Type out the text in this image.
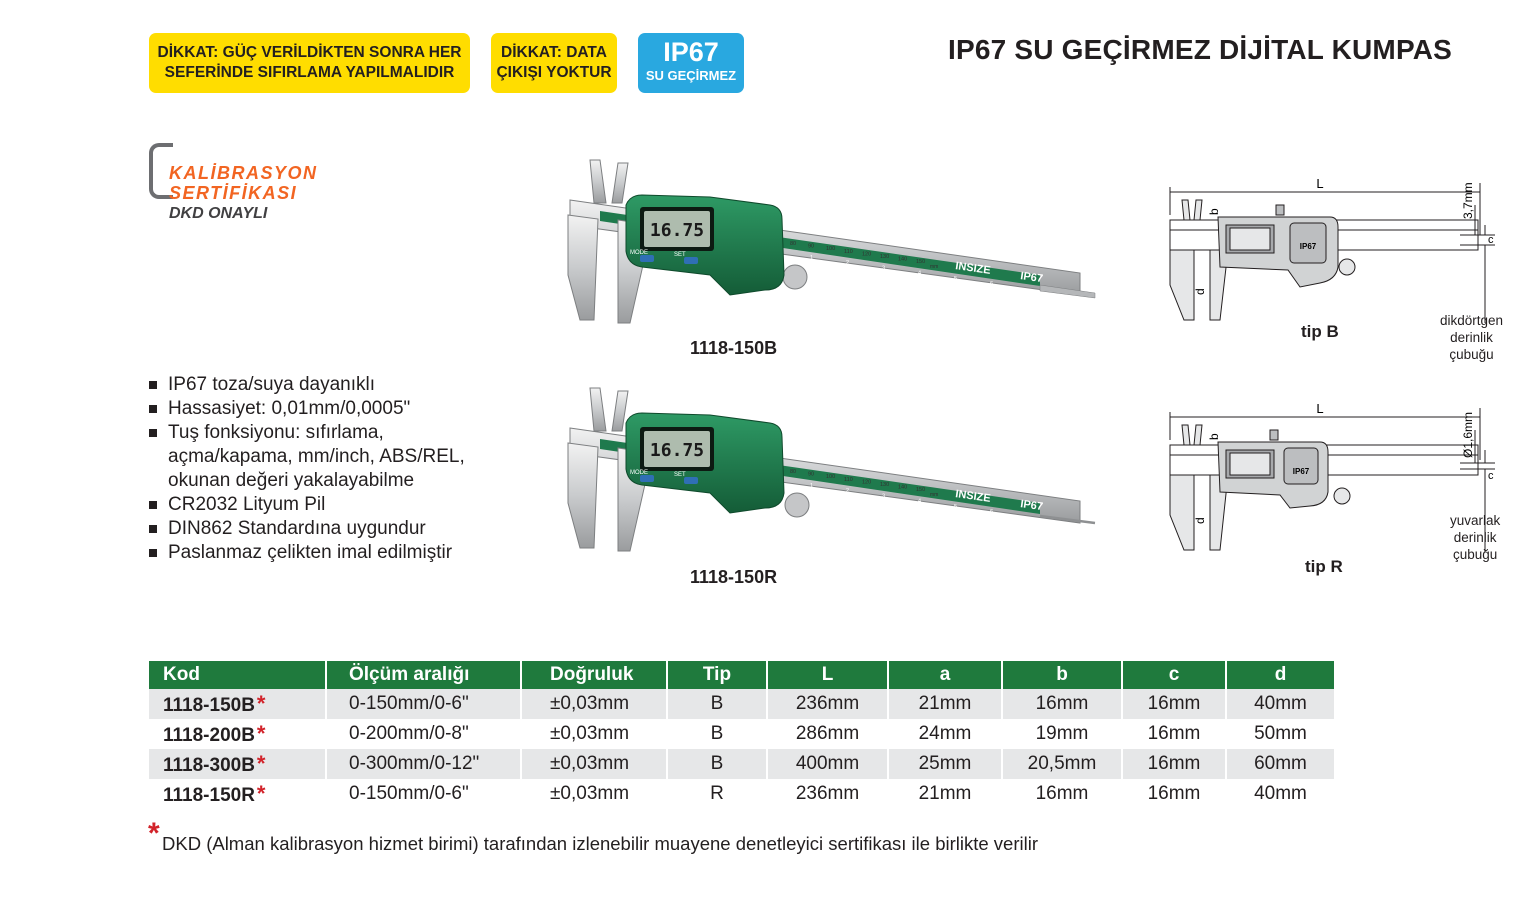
DİKKAT: GÜÇ VERİLDİKTEN SONRA HER
SEFERİNDE SIFIRLAMA YAPILMALIDIR
DİKKAT: DATA
ÇIKIŞI YOKTUR
IP67
SU GEÇİRMEZ
IP67 SU GEÇİRMEZ DİJİTAL KUMPAS
KALİBRASYON
SERTİFİKASI
DKD ONAYLI
IP67 toza/suya dayanıklı
Hassasiyet: 0,01mm/0,0005"
Tuş fonksiyonu: sıfırlama,
açma/kapama, mm/inch, ABS/REL,
okunan değeri yakalayabilme
CR2032 Lityum Pil
DIN862 Standardına uygundur
Paslanmaz çelikten imal edilmiştir
16.75
MODE	SET
INSIZE
IP67
80 90 100 110 120 130 140 150
1
2
3
4
5
6
mm
1118-150B
16.75
MODE	SET
INSIZE
IP67
80 90 100 110 120 130 140 150
1
2
3
4
5
6
mm
1118-150R
L
b
d
3,7mm
c
IP67
tip B
dikdörtgen
derinlik
çubuğu
L
b
d
Ø1,6mm
c
IP67
tip R
yuvarlak
derinlik
çubuğu
Kod	Ölçüm aralığı	Doğruluk	Tip	L	a	b	c	d
1118-150B*	0-150mm/0-6"	±0,03mm	B	236mm	21mm	16mm	16mm	40mm
1118-200B*	0-200mm/0-8"	±0,03mm	B	286mm	24mm	19mm	16mm	50mm
1118-300B*	0-300mm/0-12"	±0,03mm	B	400mm	25mm	20,5mm	16mm	60mm
1118-150R*	0-150mm/0-6"	±0,03mm	R	236mm	21mm	16mm	16mm	40mm
* DKD (Alman kalibrasyon hizmet birimi) tarafından izlenebilir muayene denetleyici sertifikası ile birlikte verilir
